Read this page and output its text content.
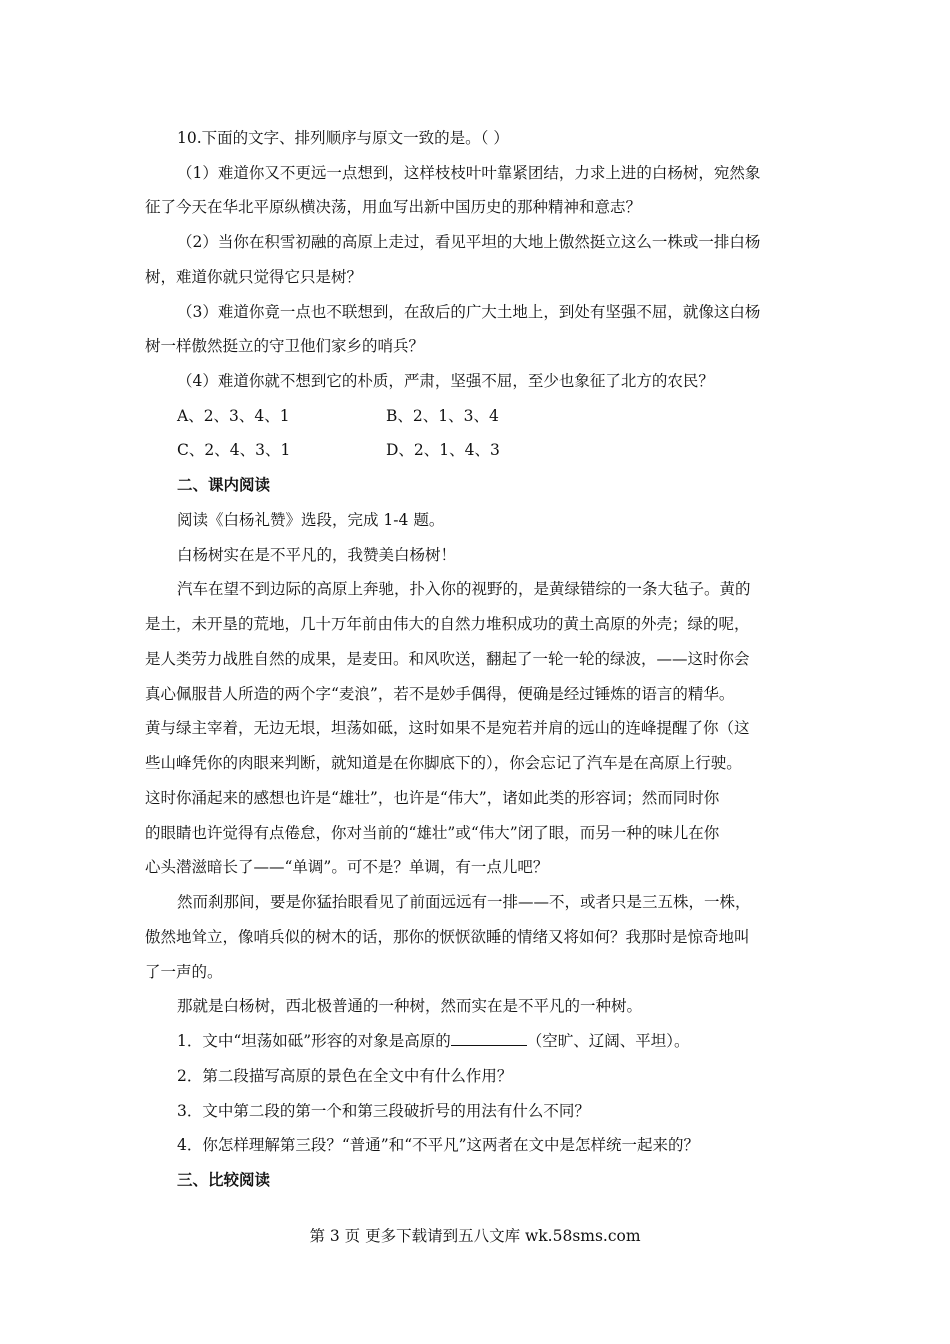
10.下面的文字、排列顺序与原文一致的是。（ ）
（1）难道你又不更远一点想到，这样枝枝叶叶靠紧团结，力求上进的白杨树，宛然象
征了今天在华北平原纵横决荡，用血写出新中国历史的那种精神和意志？
（2）当你在积雪初融的高原上走过，看见平坦的大地上傲然挺立这么一株或一排白杨
树，难道你就只觉得它只是树？
（3）难道你竟一点也不联想到，在敌后的广大土地上，到处有坚强不屈，就像这白杨
树一样傲然挺立的守卫他们家乡的哨兵？
（4）难道你就不想到它的朴质，严肃，坚强不屈，至少也象征了北方的农民？
A、2、3、4、1	B、2、1、3、4
C、2、4、3、1	D、2、1、4、3
二、课内阅读
阅读《白杨礼赞》选段，完成 1-4 题。
白杨树实在是不平凡的，我赞美白杨树！
汽车在望不到边际的高原上奔驰，扑入你的视野的，是黄绿错综的一条大毡子。黄的
是土，未开垦的荒地，几十万年前由伟大的自然力堆积成功的黄土高原的外壳；绿的呢，
是人类劳力战胜自然的成果，是麦田。和风吹送，翻起了一轮一轮的绿波，——这时你会
真心佩服昔人所造的两个字“麦浪”，若不是妙手偶得，便确是经过锤炼的语言的精华。
黄与绿主宰着，无边无垠，坦荡如砥，这时如果不是宛若并肩的远山的连峰提醒了你（这
些山峰凭你的肉眼来判断，就知道是在你脚底下的），你会忘记了汽车是在高原上行驶。
这时你涌起来的感想也许是“雄壮”，也许是“伟大”，诸如此类的形容词；然而同时你
的眼睛也许觉得有点倦怠，你对当前的“雄壮”或“伟大”闭了眼，而另一种的味儿在你
心头潜滋暗长了——“单调”。可不是？单调，有一点儿吧？
然而刹那间，要是你猛抬眼看见了前面远远有一排——不，或者只是三五株，一株，
傲然地耸立，像哨兵似的树木的话，那你的恹恹欲睡的情绪又将如何？我那时是惊奇地叫
了一声的。
那就是白杨树，西北极普通的一种树，然而实在是不平凡的一种树。
1．文中“坦荡如砥”形容的对象是高原的	（空旷、辽阔、平坦）。
2．第二段描写高原的景色在全文中有什么作用？
3．文中第二段的第一个和第三段破折号的用法有什么不同？
4．你怎样理解第三段？“普通”和“不平凡”这两者在文中是怎样统一起来的？
三、比较阅读
第 3 页 更多下载请到五八文库 wk.58sms.com
